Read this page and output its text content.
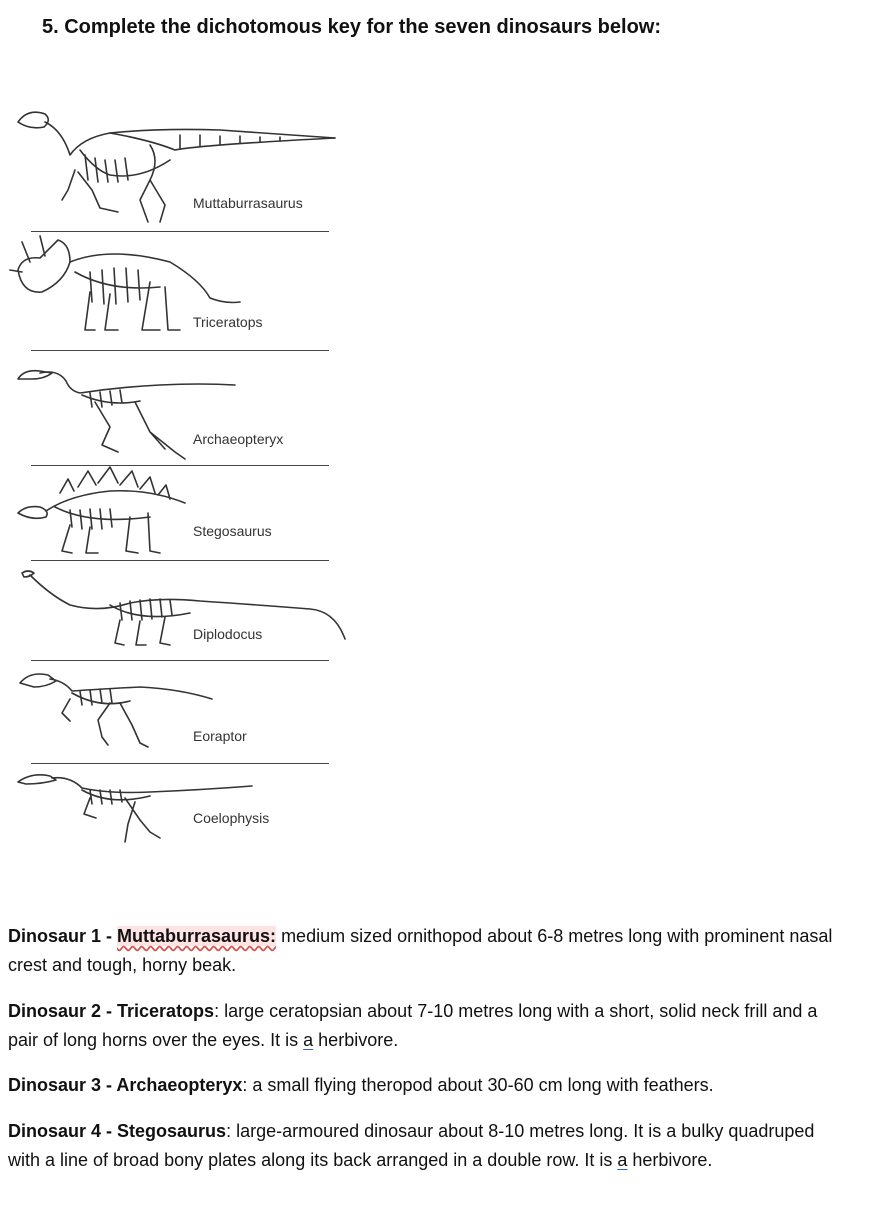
5. Complete the dichotomous key for the seven dinosaurs below:
Muttaburrasaurus
Triceratops
Archaeopteryx
Stegosaurus
Diplodocus
Eoraptor
Coelophysis

Dinosaur 1 - Muttaburrasaurus: medium sized ornithopod about 6-8 metres long with prominent nasal crest and tough, horny beak.

Dinosaur 2 - Triceratops: large ceratopsian about 7-10 metres long with a short, solid neck frill and a pair of long horns over the eyes. It is a herbivore.

Dinosaur 3 - Archaeopteryx: a small flying theropod about 30-60 cm long with feathers.

Dinosaur 4 - Stegosaurus: large-armoured dinosaur about 8-10 metres long. It is a bulky quadruped with a line of broad bony plates along its back arranged in a double row. It is a herbivore.
